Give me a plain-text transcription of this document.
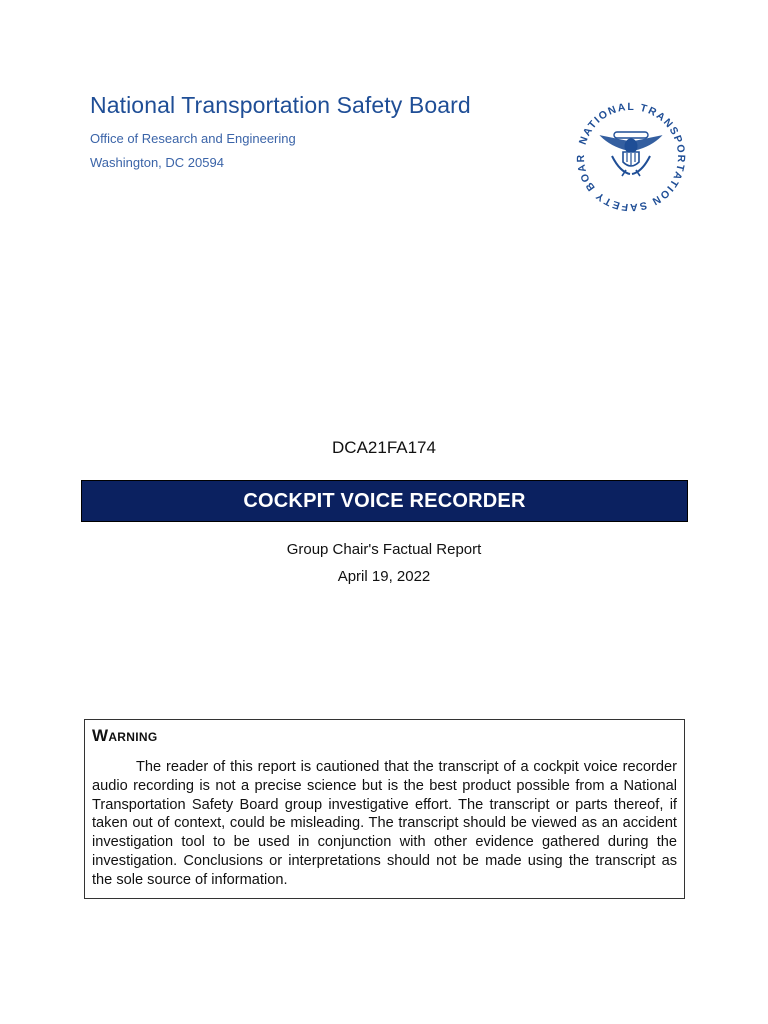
National Transportation Safety Board

Office of Research and Engineering

Washington, DC 20594

NATIONAL TRANSPORTATION SAFETY BOAR
DCA21FA174
COCKPIT VOICE RECORDER
Group Chair's Factual Report
April 19, 2022

Warning

The reader of this report is cautioned that the transcript of a cockpit voice recorder audio recording is not a precise science but is the best product possible from a National Transportation Safety Board group investigative effort. The transcript or parts thereof, if taken out of context, could be misleading. The transcript should be viewed as an accident investigation tool to be used in conjunction with other evidence gathered during the investigation. Conclusions or interpretations should not be made using the transcript as the sole source of information.
